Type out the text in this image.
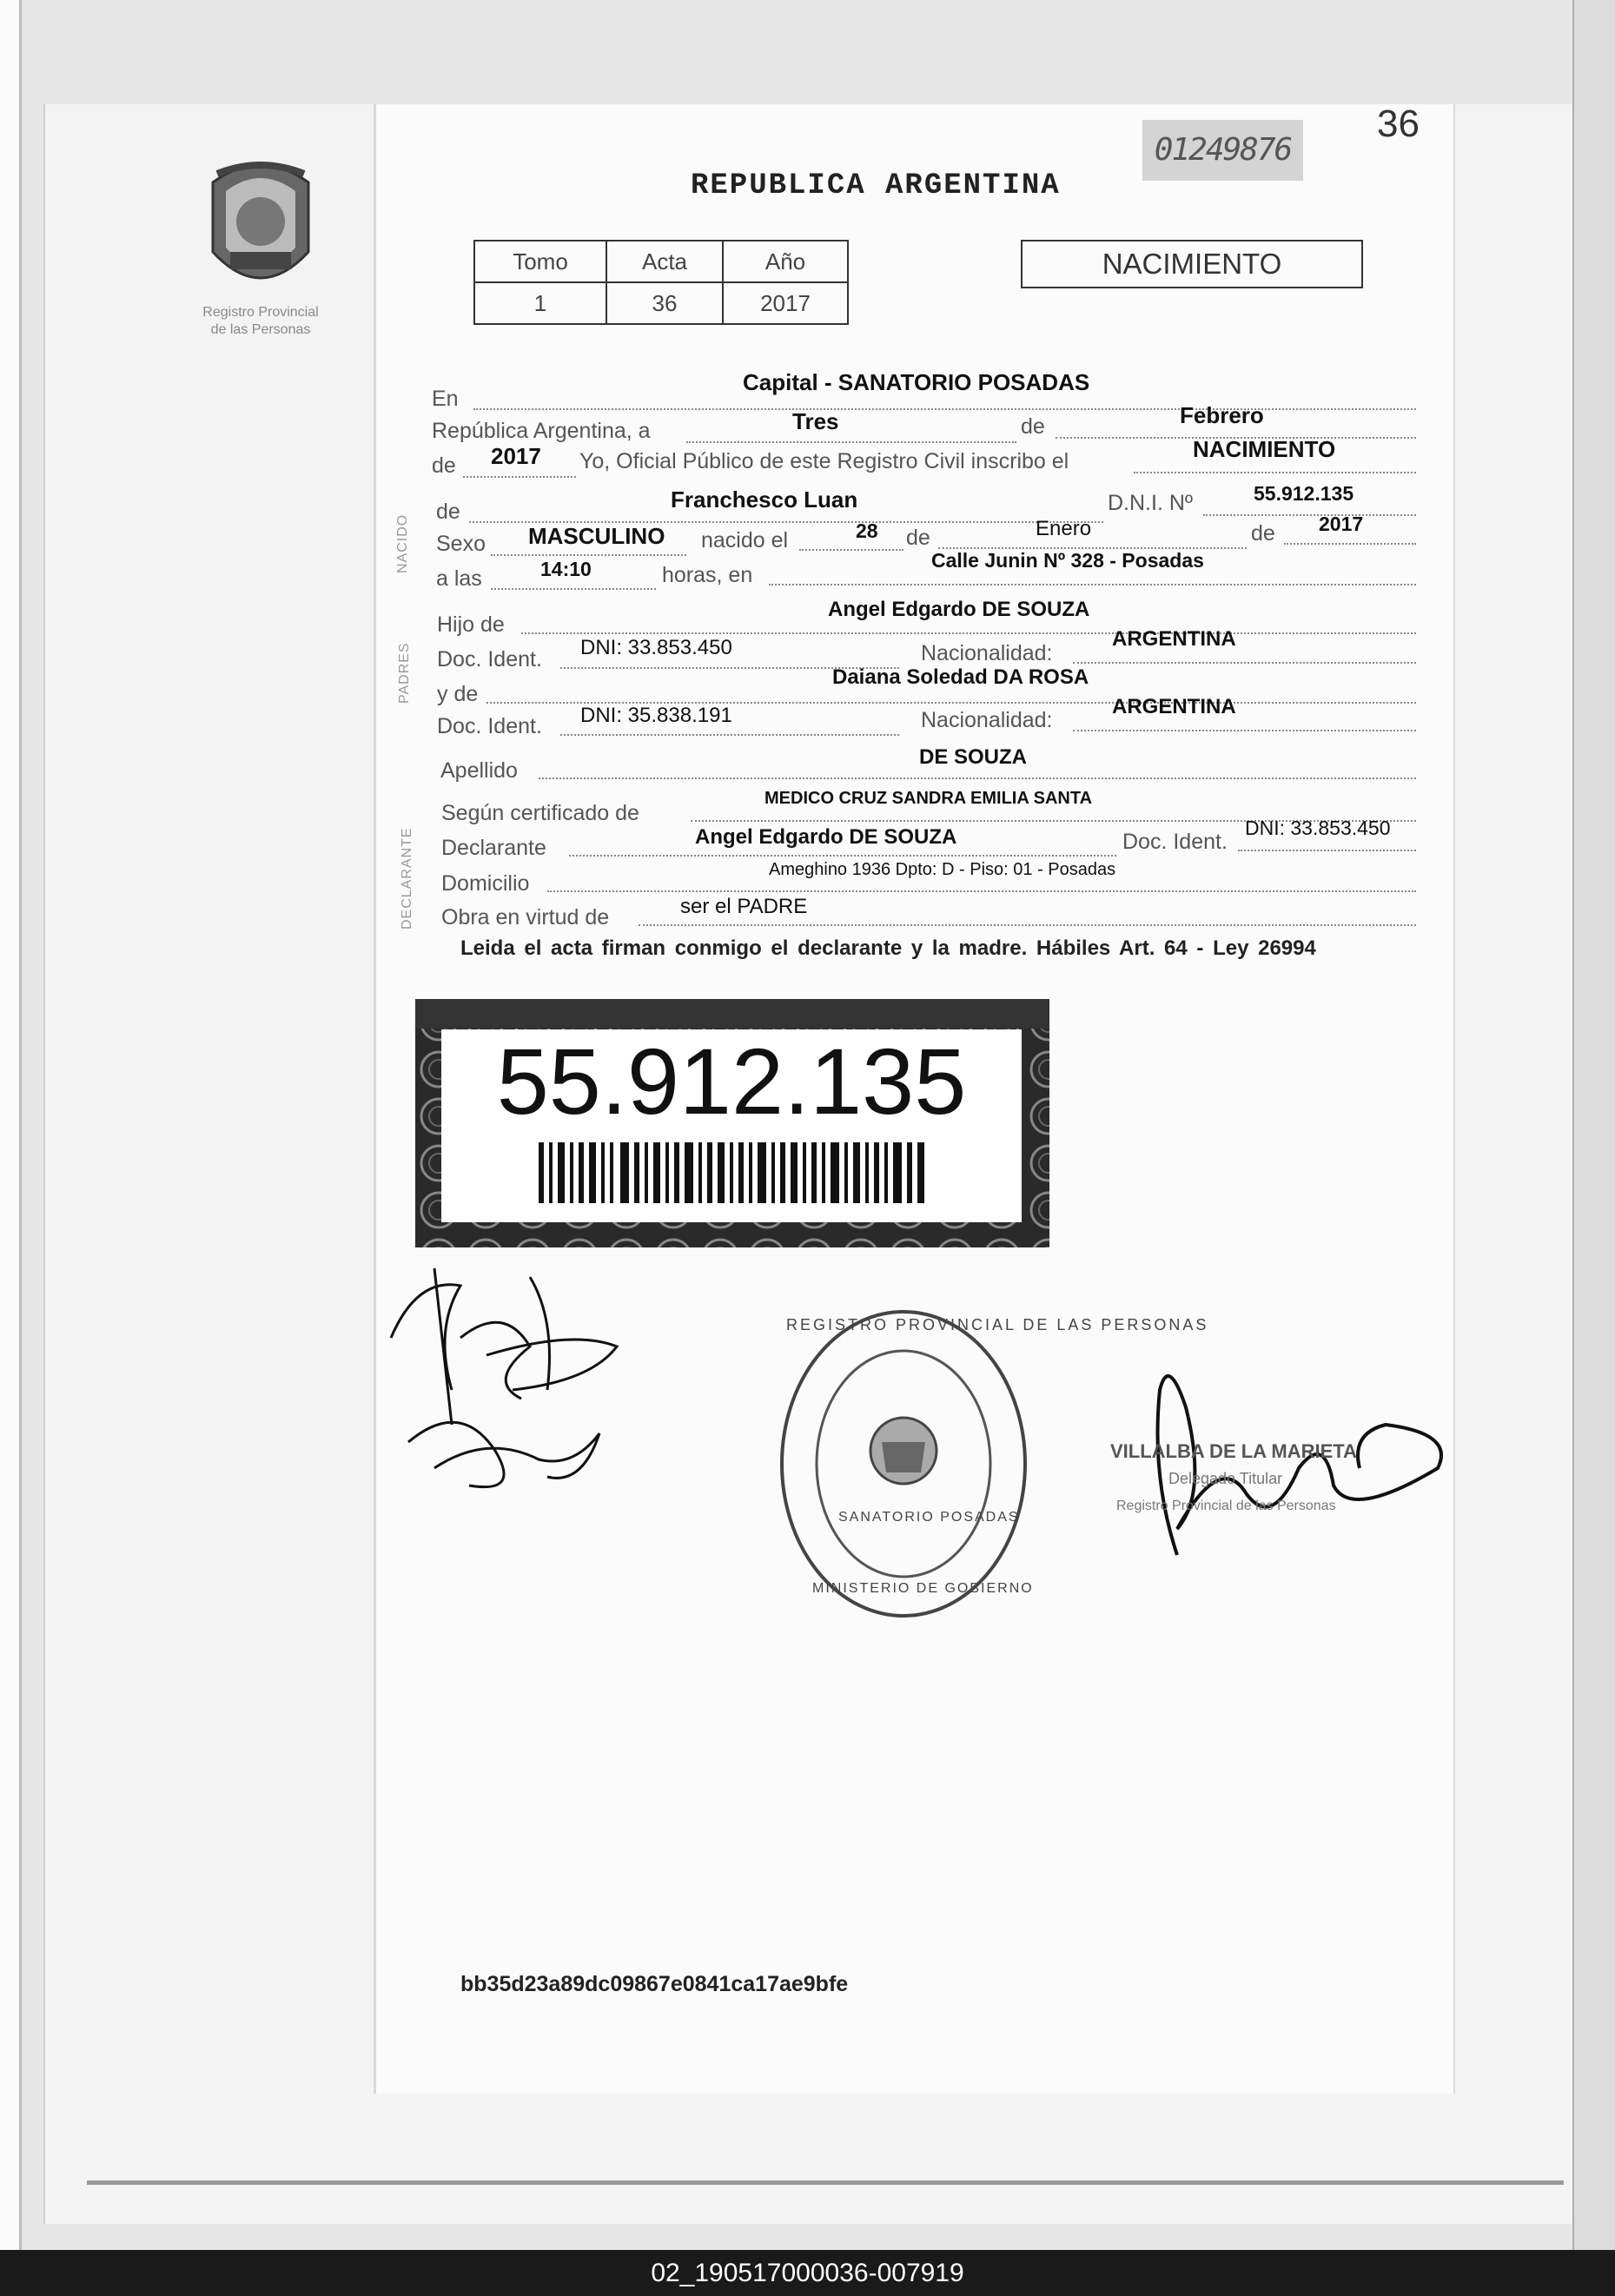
Registro Provincial
de las Personas
01249876
36
REPUBLICA ARGENTINA
Tomo	Acta	Año
1	36	2017
NACIMIENTO
NACIDO
PADRES
DECLARANTE
En
Capital - SANATORIO POSADAS
República Argentina, a	Tres	de	Febrero
de 2017 Yo, Oficial Público de este Registro Civil inscribo el	NACIMIENTO
de	Franchesco Luan	D.N.I. Nº	55.912.135
Sexo MASCULINO nacido el	28 de	Enero	de 2017
a las	14:10	horas, en
Calle Junin Nº 328 - Posadas
Hijo de
Angel Edgardo DE SOUZA
Doc. Ident. DNI: 33.853.450	Nacionalidad:
ARGENTINA
y de
Daiana Soledad DA ROSA
Doc. Ident. DNI: 35.838.191	Nacionalidad:
ARGENTINA
Apellido
DE SOUZA
Según certificado de
MEDICO CRUZ SANDRA EMILIA SANTA
Declarante	Angel Edgardo DE SOUZA	Doc. Ident.
DNI: 33.853.450
Domicilio
Ameghino 1936 Dpto: D - Piso: 01 - Posadas
Obra en virtud de	ser el PADRE
Leida el acta firman conmigo el declarante y la madre. Hábiles Art. 64 - Ley 26994
55.912.135
REGISTRO PROVINCIAL DE LAS PERSONAS
SANATORIO POSADAS
MINISTERIO DE GOBIERNO
VILLALBA DE LA MARIETA
Delegado Titular
Registro Provincial de las Personas
bb35d23a89dc09867e0841ca17ae9bfe
02_190517000036-007919
